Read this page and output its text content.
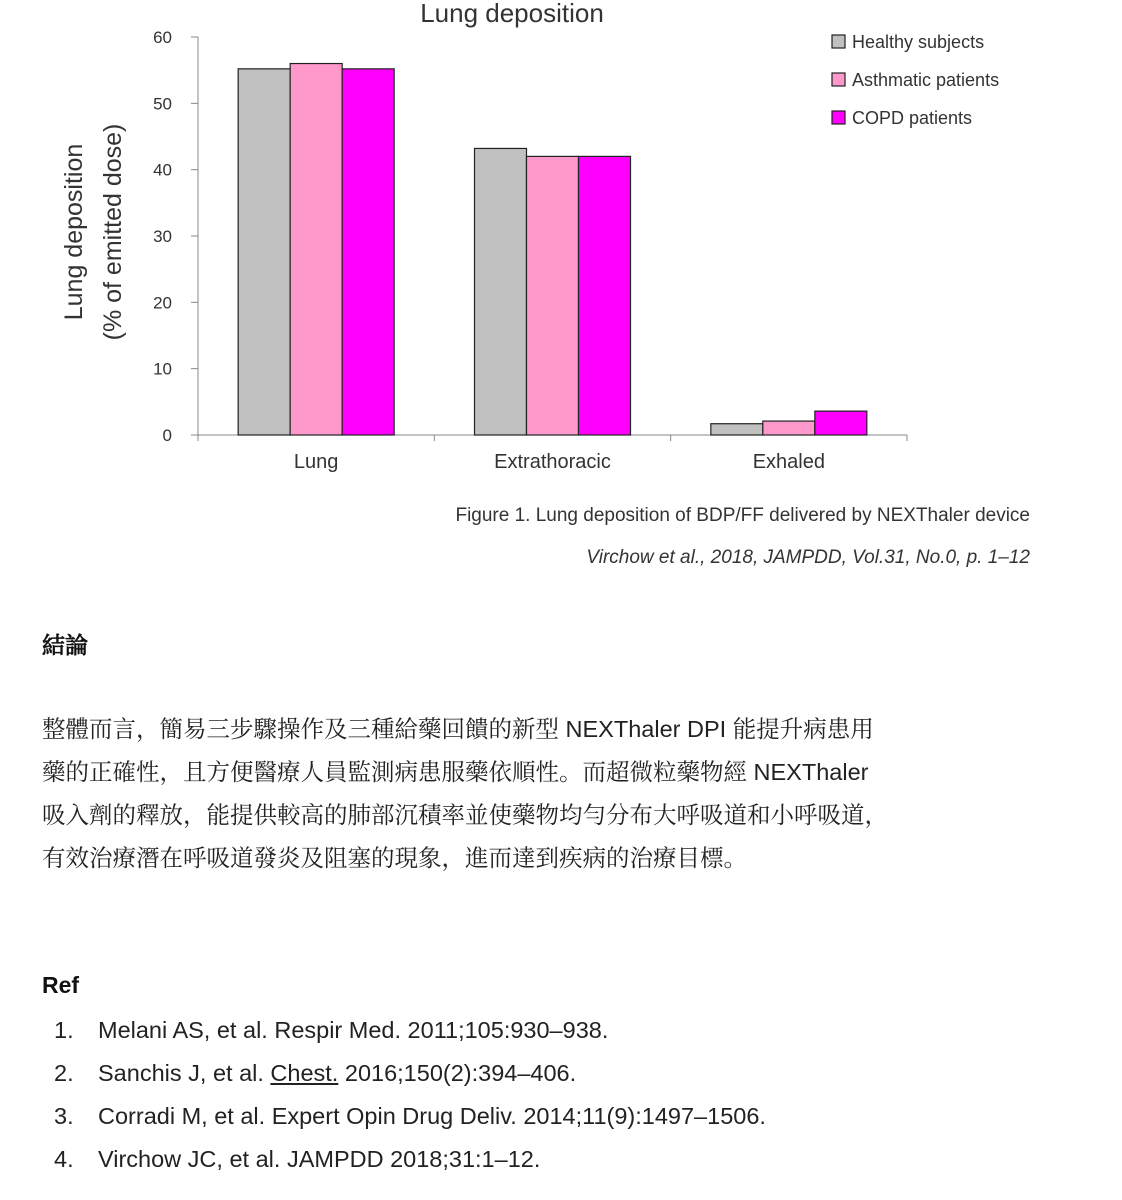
Lung deposition
Lung deposition (% of emitted dose)
0
10
20
30
40
50
60
Lung	Extrathoracic	Exhaled
Healthy subjects
Asthmatic patients
COPD patients
Figure 1. Lung deposition of BDP/FF delivered by NEXThaler device
Virchow et al., 2018, JAMPDD, Vol.31, No.0, p. 1–12
結論

整體而言，簡易三步驟操作及三種給藥回饋的新型 NEXThaler DPI 能提升病患用
藥的正確性，且方便醫療人員監測病患服藥依順性。而超微粒藥物經 NEXThaler
吸入劑的釋放，能提供較高的肺部沉積率並使藥物均勻分布大呼吸道和小呼吸道，
有效治療潛在呼吸道發炎及阻塞的現象，進而達到疾病的治療目標。

Ref
1.	Melani AS, et al. Respir Med. 2011;105:930–938.
2.	Sanchis J, et al. Chest. 2016;150(2):394–406.
3.	Corradi M, et al. Expert Opin Drug Deliv. 2014;11(9):1497–1506.
4.	Virchow JC, et al. JAMPDD 2018;31:1–12.
